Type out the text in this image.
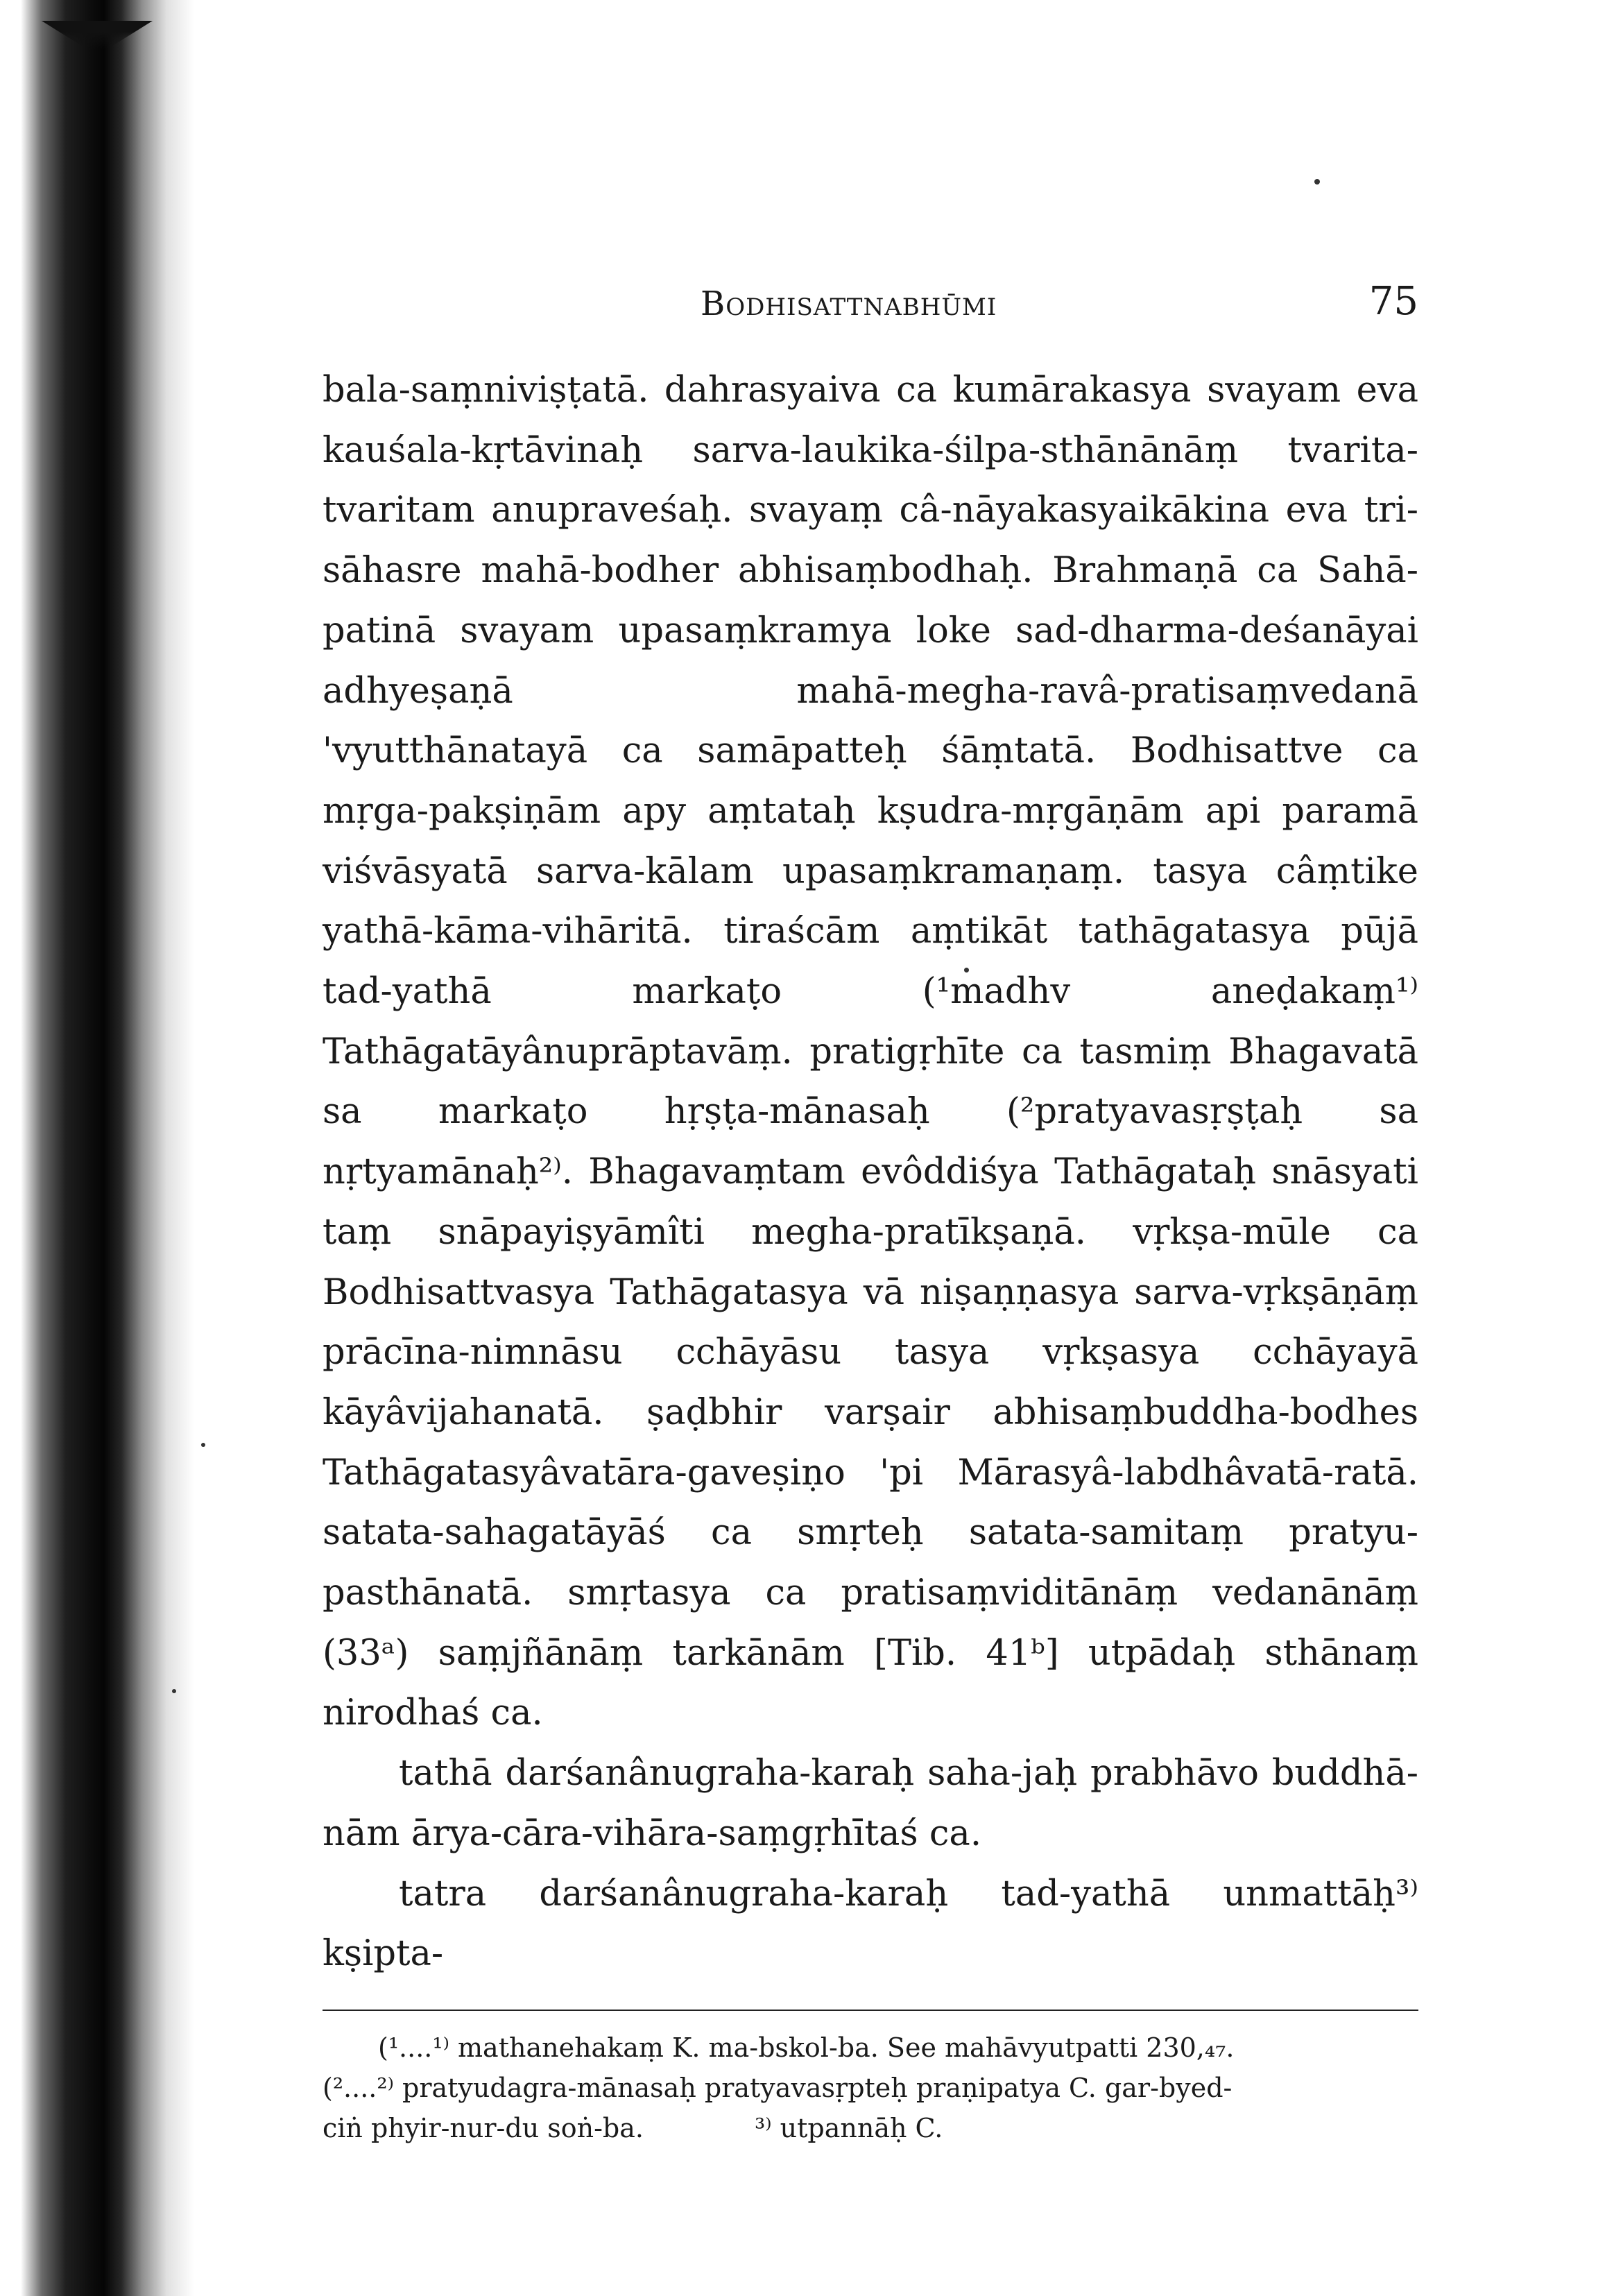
Bodhisattnabhūmi	75

bala-saṃniviṣṭatā. dahrasyaiva ca kumārakasya svayam eva kauśala-kṛtāvinaḥ sarva-laukika-śilpa-sthānānāṃ tvarita-tvaritam anupraveśaḥ. svayaṃ câ-nāyakasyaikākina eva tri-sāhasre mahā-bodher abhisaṃbodhaḥ. Brahmaṇā ca Sahā-patinā svayam upasaṃkramya loke sad-dharma-deśanāyai adhyeṣaṇā mahā-megha-ravâ-pratisaṃvedanā 'vyutthānatayā ca samāpatteḥ śāṃtatā. Bodhisattve ca mṛga-pakṣiṇām apy aṃtataḥ kṣudra-mṛgāṇām api paramā viśvāsyatā sarva-kālam upasaṃkramaṇaṃ. tasya câṃtike yathā-kāma-vihāritā. tiraścām aṃtikāt tathāgatasya pūjā tad-yathā markaṭo (¹madhv aneḍakaṃ¹⁾ Tathāgatāyânuprāptavāṃ. pratigṛhīte ca tasmiṃ Bhagavatā sa markaṭo hṛṣṭa-mānasaḥ (²pratyavasṛṣṭaḥ sa nṛtyamānaḥ²⁾. Bhagavaṃtam evôddiśya Tathāgataḥ snāsyati taṃ snāpayiṣyāmîti megha-pratīkṣaṇā. vṛkṣa-mūle ca Bodhisattvasya Tathāgatasya vā niṣaṇṇasya sarva-vṛkṣāṇāṃ prācīna-nimnāsu cchāyāsu tasya vṛkṣasya cchāyayā kāyâvijahanatā. ṣaḍbhir varṣair abhisaṃbuddha-bodhes Tathāgatasyâvatāra-gaveṣiṇo 'pi Mārasyâ-labdhâvatā-ratā. satata-sahagatāyāś ca smṛteḥ satata-samitaṃ pratyu-pasthānatā. smṛtasya ca pratisaṃviditānāṃ vedanānāṃ (33ᵃ) saṃjñānāṃ tarkānām [Tib. 41ᵇ] utpādaḥ sthānaṃ nirodhaś ca.

tathā darśanânugraha-karaḥ saha-jaḥ prabhāvo buddhā-nām ārya-cāra-vihāra-saṃgṛhītaś ca.

tatra darśanânugraha-karaḥ tad-yathā unmattāḥ³⁾ kṣipta-

(¹....¹⁾ mathanehakaṃ K. ma-bskol-ba. See mahāvyutpatti 230,₄₇.
(²....²⁾ pratyudagra-mānasaḥ pratyavasṛpteḥ praṇipatya C. gar-byed-
ciṅ phyir-nur-du soṅ-ba.	³⁾ utpannāḥ C.
